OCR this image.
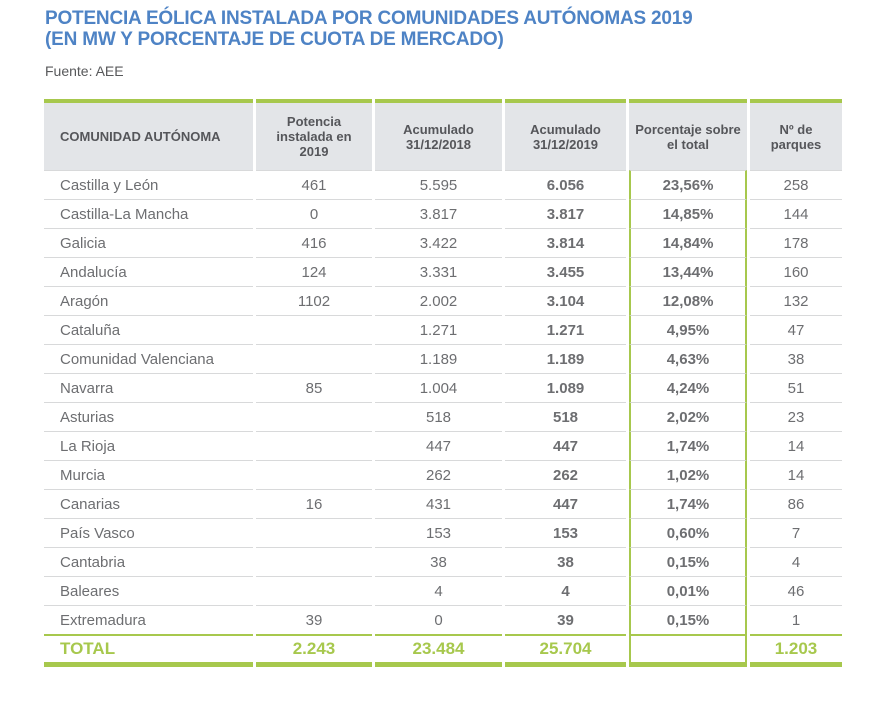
POTENCIA EÓLICA INSTALADA POR COMUNIDADES AUTÓNOMAS 2019
(EN MW Y PORCENTAJE DE CUOTA DE MERCADO)

Fuente: AEE

COMUNIDAD AUTÓNOMA	Potencia instalada en 2019	Acumulado 31/12/2018	Acumulado 31/12/2019	Porcentaje sobre el total	Nº de parques
Castilla y León	461	5.595	6.056	23,56%	258
Castilla-La Mancha	0	3.817	3.817	14,85%	144
Galicia	416	3.422	3.814	14,84%	178
Andalucía	124	3.331	3.455	13,44%	160
Aragón	1102	2.002	3.104	12,08%	132
Cataluña		1.271	1.271	4,95%	47
Comunidad Valenciana		1.189	1.189	4,63%	38
Navarra	85	1.004	1.089	4,24%	51
Asturias		518	518	2,02%	23
La Rioja		447	447	1,74%	14
Murcia		262	262	1,02%	14
Canarias	16	431	447	1,74%	86
País Vasco		153	153	0,60%	7
Cantabria		38	38	0,15%	4
Baleares		4	4	0,01%	46
Extremadura	39	0	39	0,15%	1
TOTAL	2.243	23.484	25.704		1.203
